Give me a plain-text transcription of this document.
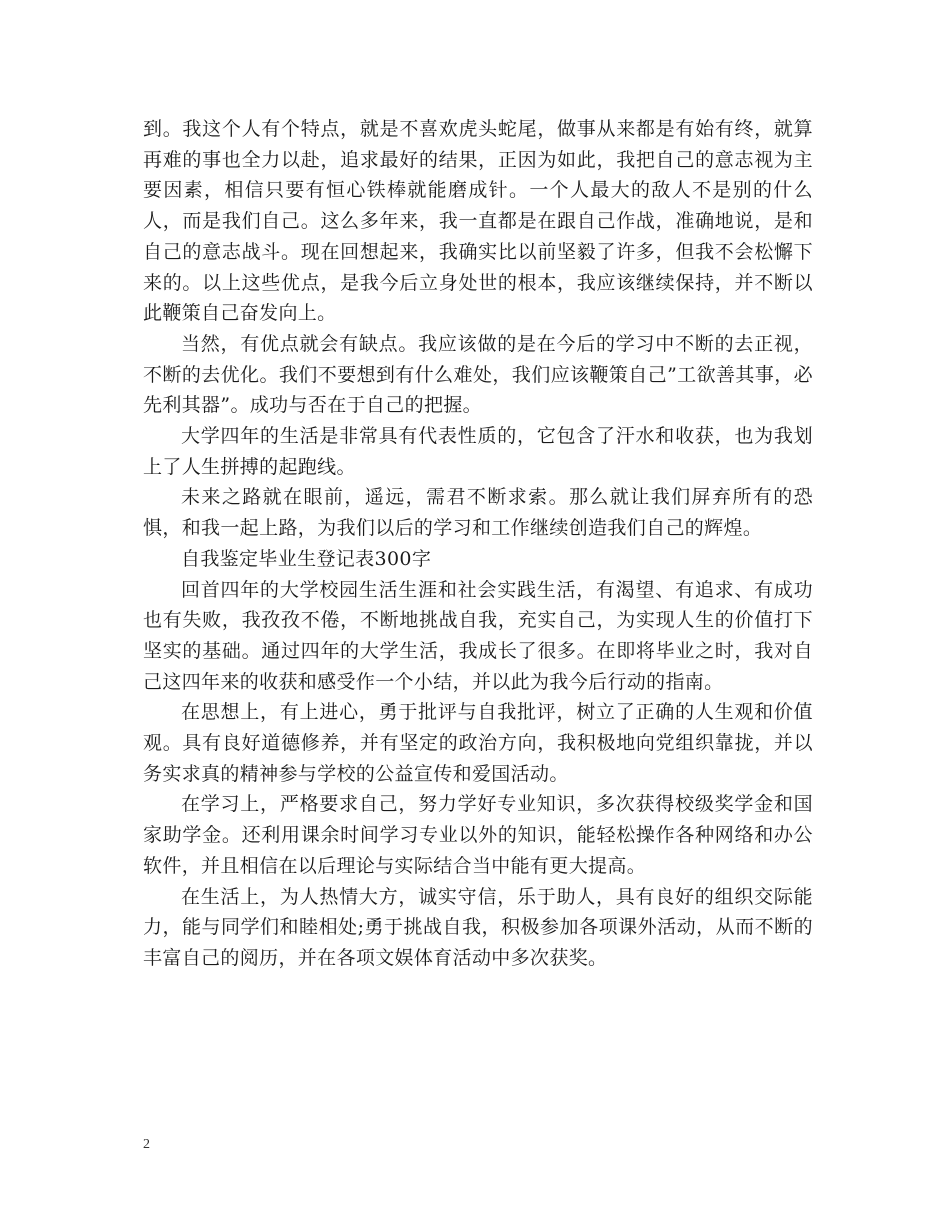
到。我这个人有个特点，就是不喜欢虎头蛇尾，做事从来都是有始有终，就算再难的事也全力以赴，追求最好的结果，正因为如此，我把自己的意志视为主要因素，相信只要有恒心铁棒就能磨成针。一个人最大的敌人不是别的什么人，而是我们自己。这么多年来，我一直都是在跟自己作战，准确地说，是和自己的意志战斗。现在回想起来，我确实比以前坚毅了许多，但我不会松懈下来的。以上这些优点，是我今后立身处世的根本，我应该继续保持，并不断以此鞭策自己奋发向上。

当然，有优点就会有缺点。我应该做的是在今后的学习中不断的去正视，不断的去优化。我们不要想到有什么难处，我们应该鞭策自己”工欲善其事，必先利其器”。成功与否在于自己的把握。

大学四年的生活是非常具有代表性质的，它包含了汗水和收获，也为我划上了人生拼搏的起跑线。

未来之路就在眼前，遥远，需君不断求索。那么就让我们屏弃所有的恐惧，和我一起上路，为我们以后的学习和工作继续创造我们自己的辉煌。

自我鉴定毕业生登记表300字

回首四年的大学校园生活生涯和社会实践生活，有渴望、有追求、有成功也有失败，我孜孜不倦，不断地挑战自我，充实自己，为实现人生的价值打下坚实的基础。通过四年的大学生活，我成长了很多。在即将毕业之时，我对自己这四年来的收获和感受作一个小结，并以此为我今后行动的指南。

在思想上，有上进心，勇于批评与自我批评，树立了正确的人生观和价值观。具有良好道德修养，并有坚定的政治方向，我积极地向党组织靠拢，并以务实求真的精神参与学校的公益宣传和爱国活动。

在学习上，严格要求自己，努力学好专业知识，多次获得校级奖学金和国家助学金。还利用课余时间学习专业以外的知识，能轻松操作各种网络和办公软件，并且相信在以后理论与实际结合当中能有更大提高。

在生活上，为人热情大方，诚实守信，乐于助人，具有良好的组织交际能力，能与同学们和睦相处;勇于挑战自我，积极参加各项课外活动，从而不断的丰富自己的阅历，并在各项文娱体育活动中多次获奖。

2
